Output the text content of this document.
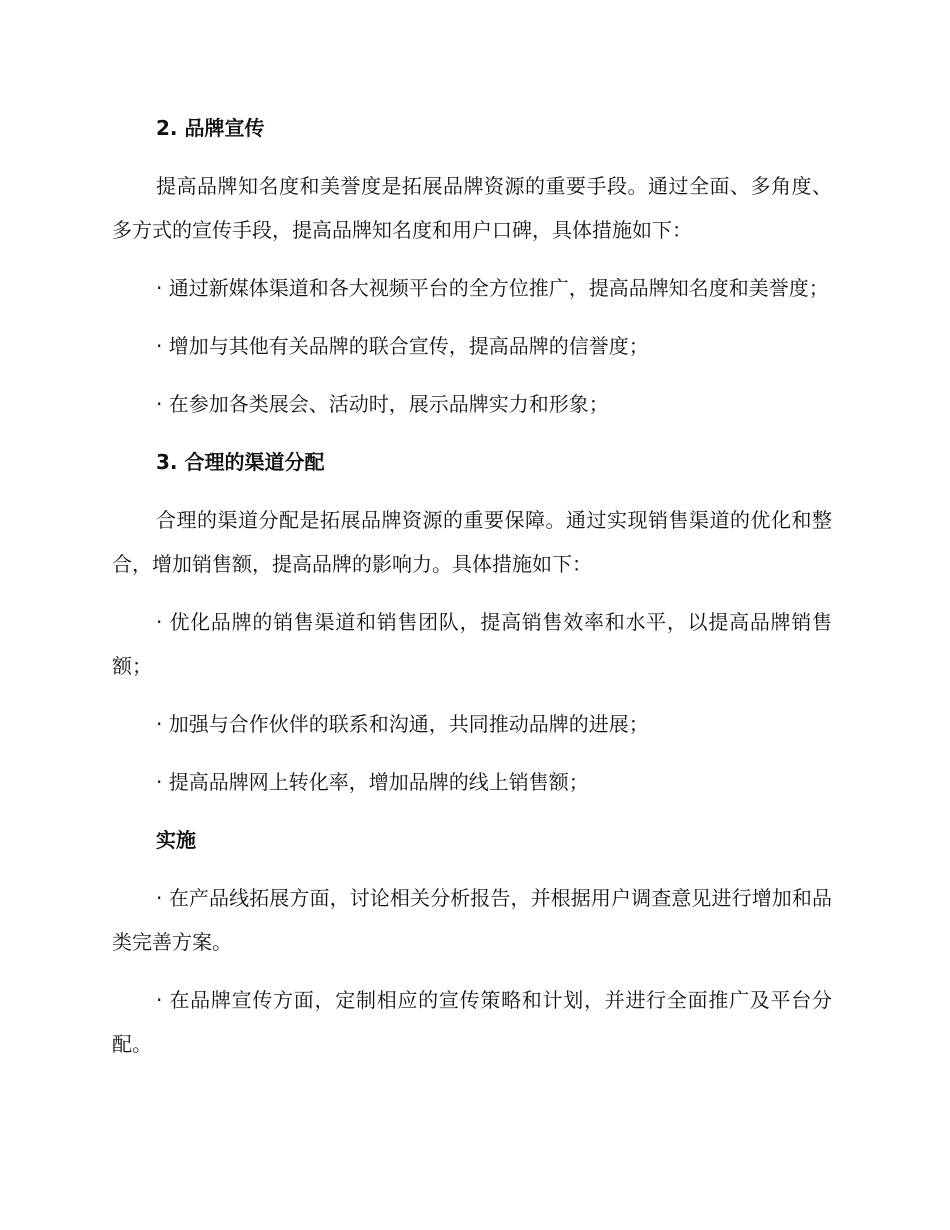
2. 品牌宣传

提高品牌知名度和美誉度是拓展品牌资源的重要手段。通过全面、多角度、多方式的宣传手段，提高品牌知名度和用户口碑，具体措施如下：

· 通过新媒体渠道和各大视频平台的全方位推广，提高品牌知名度和美誉度；

· 增加与其他有关品牌的联合宣传，提高品牌的信誉度；

· 在参加各类展会、活动时，展示品牌实力和形象；

3. 合理的渠道分配

合理的渠道分配是拓展品牌资源的重要保障。通过实现销售渠道的优化和整合，增加销售额，提高品牌的影响力。具体措施如下：

· 优化品牌的销售渠道和销售团队，提高销售效率和水平，以提高品牌销售额；

· 加强与合作伙伴的联系和沟通，共同推动品牌的进展；

· 提高品牌网上转化率，增加品牌的线上销售额；

实施

· 在产品线拓展方面，讨论相关分析报告，并根据用户调查意见进行增加和品类完善方案。

· 在品牌宣传方面，定制相应的宣传策略和计划，并进行全面推广及平台分配。
